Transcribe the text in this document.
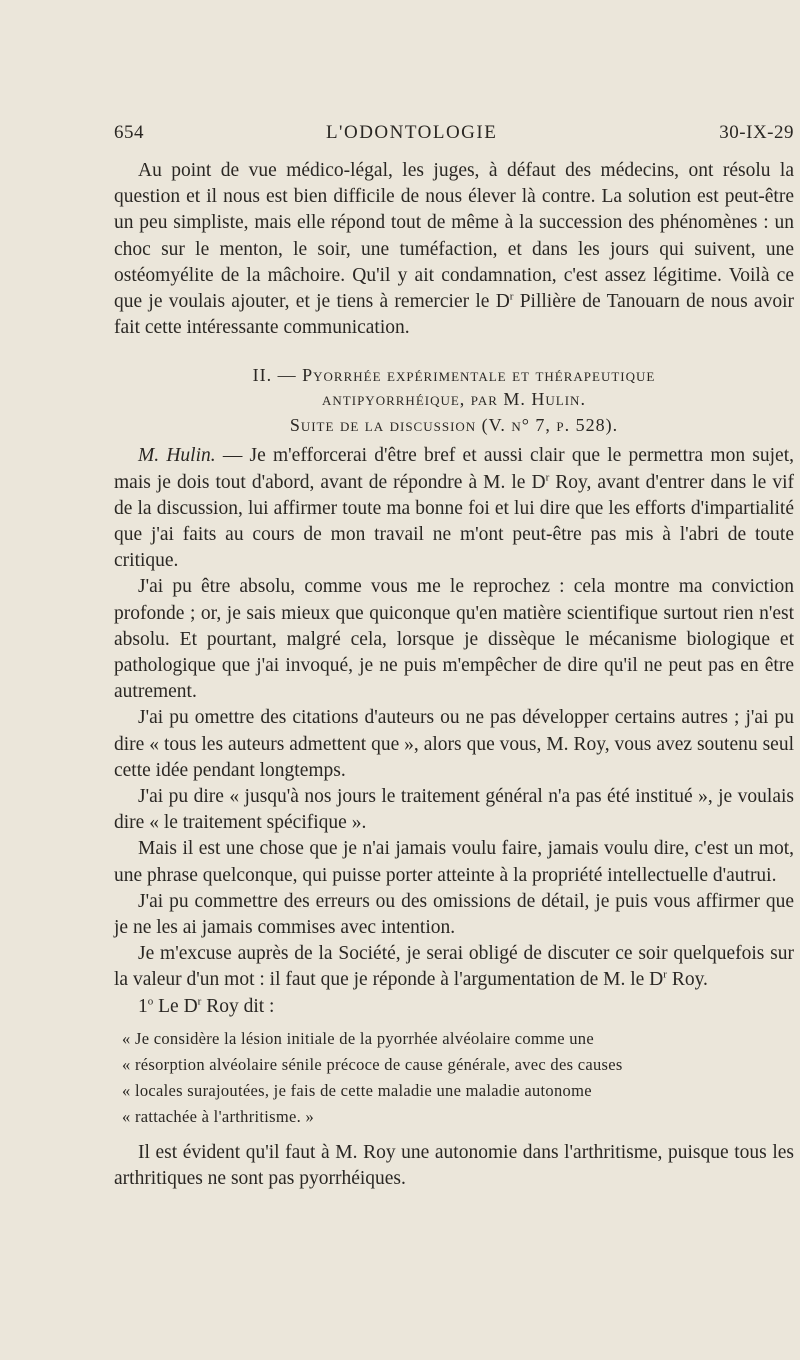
654	L'ODONTOLOGIE	30-IX-29

Au point de vue médico-légal, les juges, à défaut des médecins, ont résolu la question et il nous est bien difficile de nous élever là contre. La solution est peut-être un peu simpliste, mais elle répond tout de même à la succession des phénomènes : un choc sur le menton, le soir, une tuméfaction, et dans les jours qui suivent, une ostéomyélite de la mâchoire. Qu'il y ait condamnation, c'est assez légitime. Voilà ce que je voulais ajouter, et je tiens à remercier le $D^r$ Pillière de Tanouarn de nous avoir fait cette intéressante communication.

II. — Pyorrhée expérimentale et thérapeutique
antipyorrhéique, par M. Hulin.
Suite de la discussion (V. n° 7, p. 528).

M. Hulin. — Je m'efforcerai d'être bref et aussi clair que le permettra mon sujet, mais je dois tout d'abord, avant de répondre à M. le $D^r$ Roy, avant d'entrer dans le vif de la discussion, lui affirmer toute ma bonne foi et lui dire que les efforts d'impartialité que j'ai faits au cours de mon travail ne m'ont peut-être pas mis à l'abri de toute critique.

J'ai pu être absolu, comme vous me le reprochez : cela montre ma conviction profonde ; or, je sais mieux que quiconque qu'en matière scientifique surtout rien n'est absolu. Et pourtant, malgré cela, lorsque je dissèque le mécanisme biologique et pathologique que j'ai invoqué, je ne puis m'empêcher de dire qu'il ne peut pas en être autrement.

J'ai pu omettre des citations d'auteurs ou ne pas développer certains autres ; j'ai pu dire « tous les auteurs admettent que », alors que vous, M. Roy, vous avez soutenu seul cette idée pendant longtemps.

J'ai pu dire « jusqu'à nos jours le traitement général n'a pas été institué », je voulais dire « le traitement spécifique ».

Mais il est une chose que je n'ai jamais voulu faire, jamais voulu dire, c'est un mot, une phrase quelconque, qui puisse porter atteinte à la propriété intellectuelle d'autrui.

J'ai pu commettre des erreurs ou des omissions de détail, je puis vous affirmer que je ne les ai jamais commises avec intention.

Je m'excuse auprès de la Société, je serai obligé de discuter ce soir quelquefois sur la valeur d'un mot : il faut que je réponde à l'argumentation de M. le $D^r$ Roy.

1$^o$ Le $D^r$ Roy dit :

« Je considère la lésion initiale de la pyorrhée alvéolaire comme une
« résorption alvéolaire sénile précoce de cause générale, avec des causes
« locales surajoutées, je fais de cette maladie une maladie autonome
« rattachée à l'arthritisme. »

Il est évident qu'il faut à M. Roy une autonomie dans l'arthritisme, puisque tous les arthritiques ne sont pas pyorrhéiques.
